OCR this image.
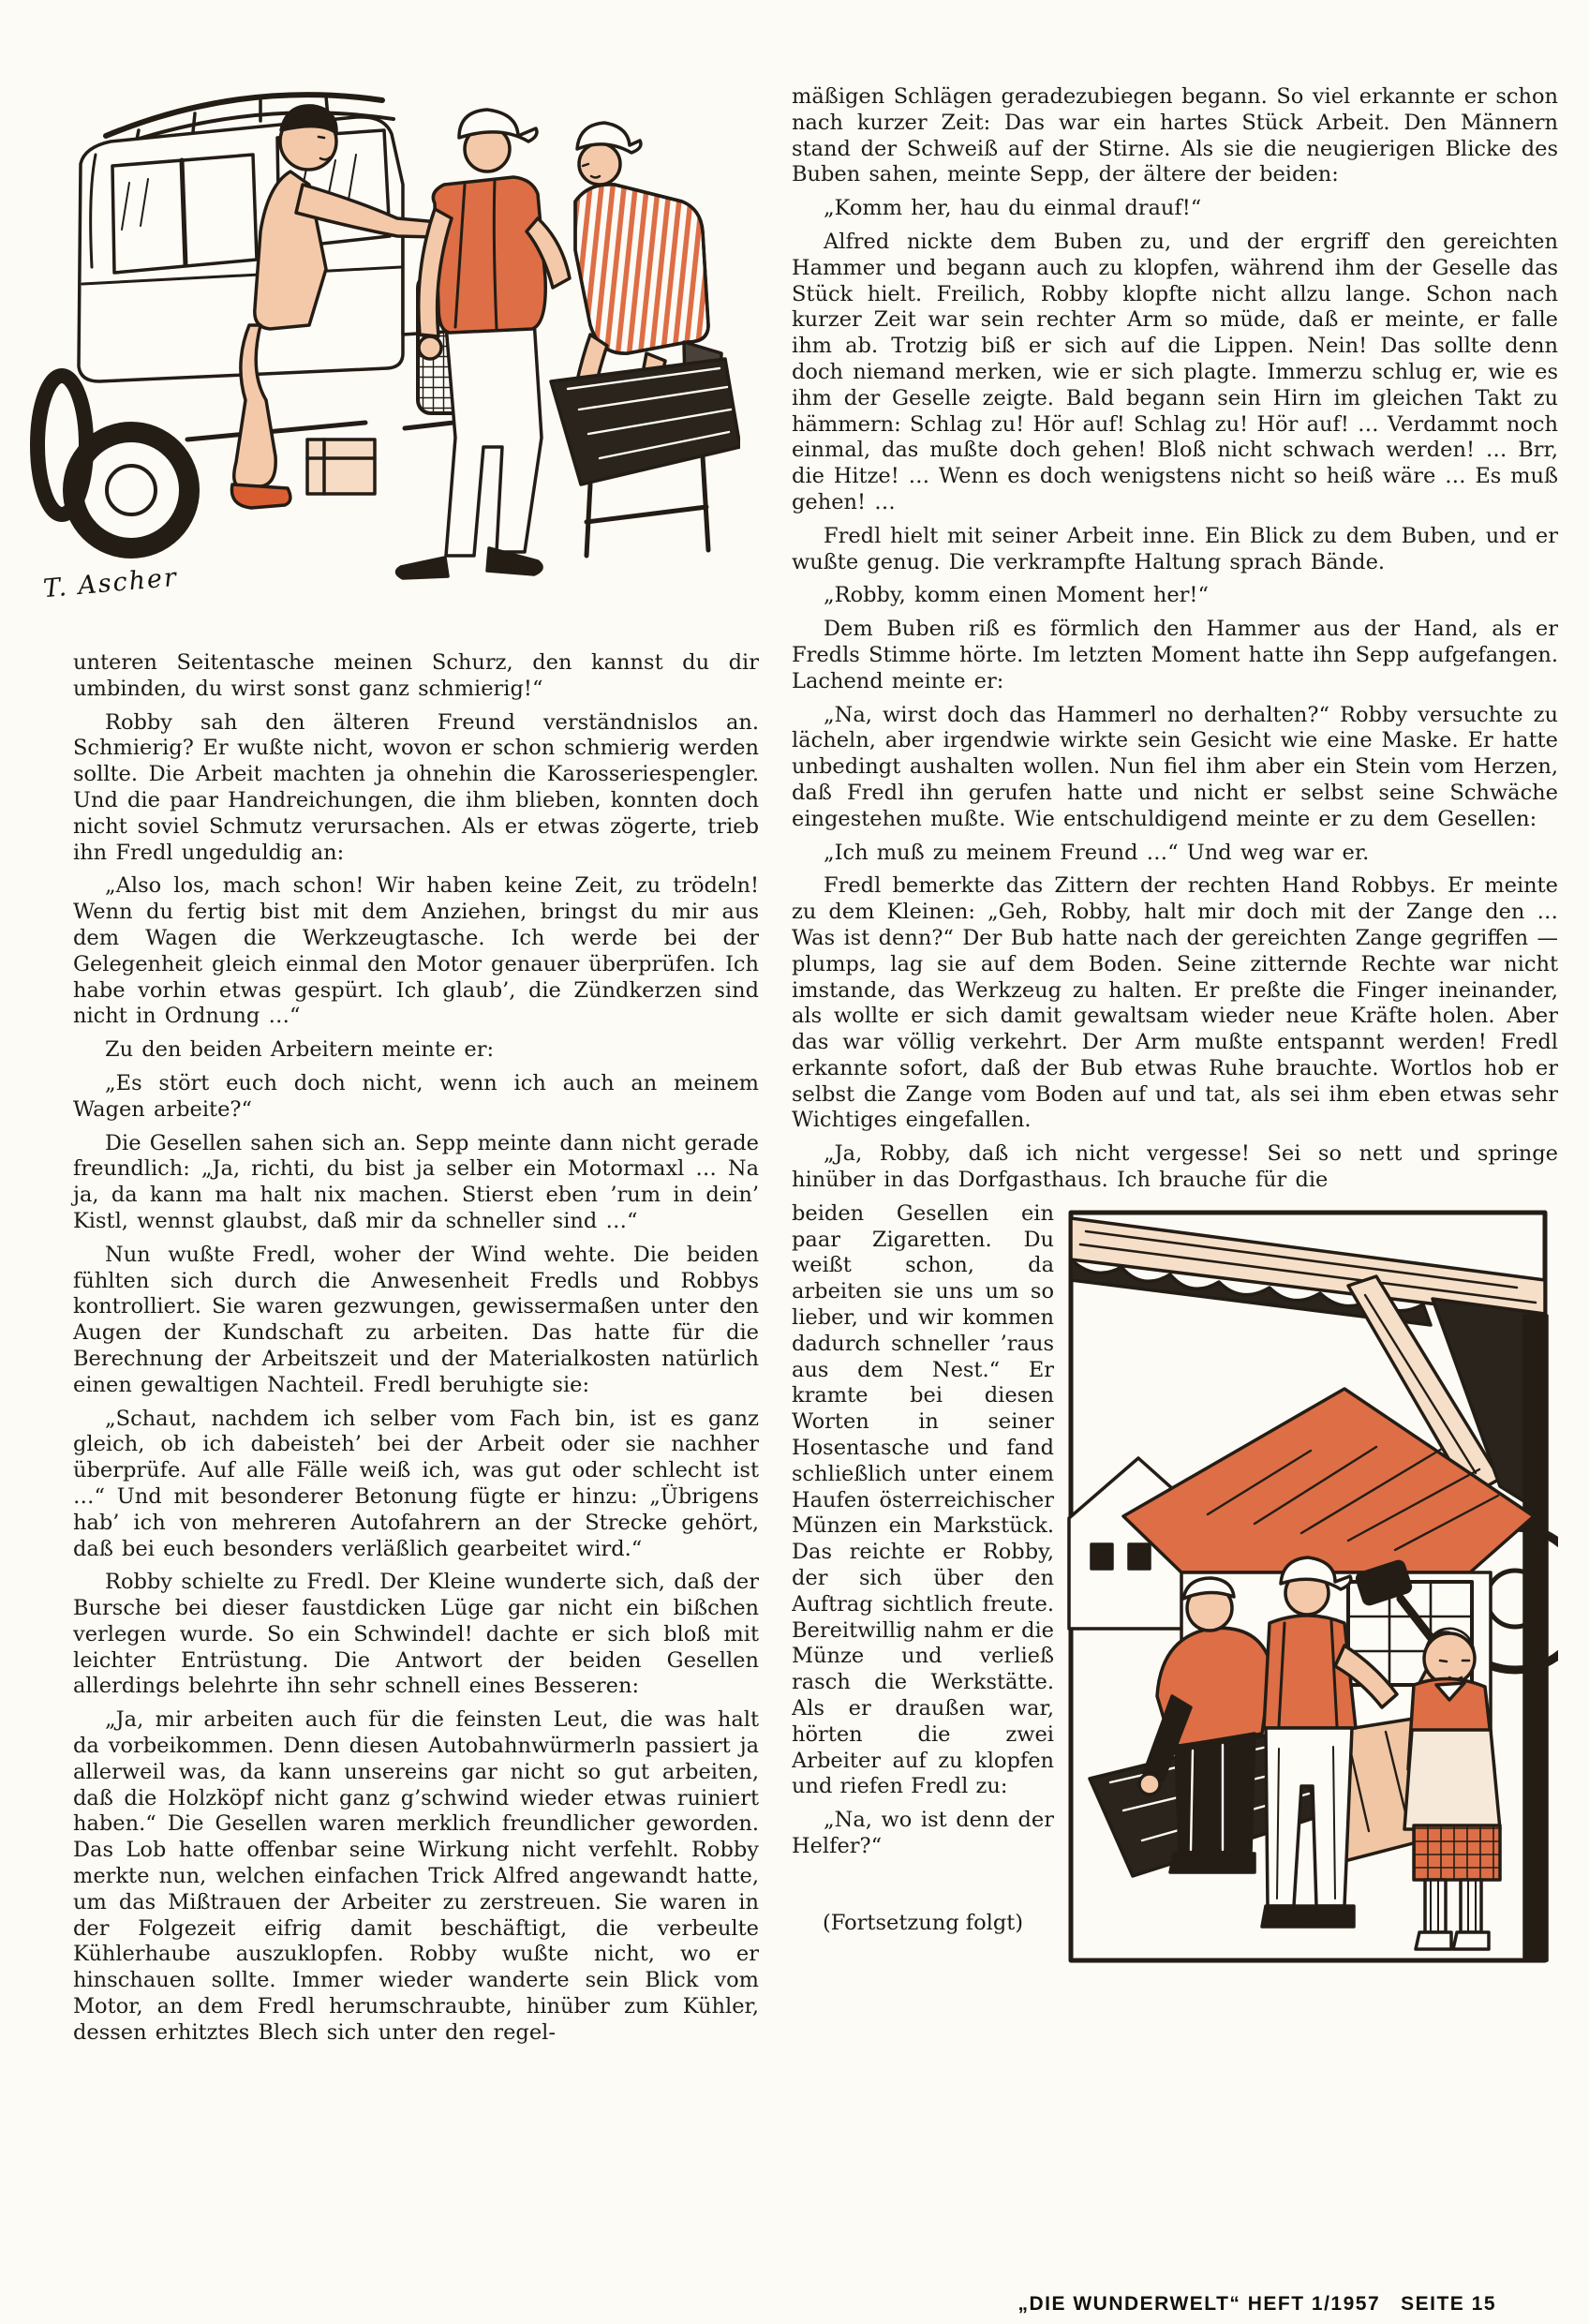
T. Ascher

unteren Seitentasche meinen Schurz, den kannst du dir umbinden, du wirst sonst ganz schmierig!“

Robby sah den älteren Freund verständnislos an. Schmierig? Er wußte nicht, wovon er schon schmierig werden sollte. Die Arbeit machten ja ohnehin die Karosseriespengler. Und die paar Handreichungen, die ihm blieben, konnten doch nicht soviel Schmutz verursachen. Als er etwas zögerte, trieb ihn Fredl ungeduldig an:

„Also los, mach schon! Wir haben keine Zeit, zu trödeln! Wenn du fertig bist mit dem Anziehen, bringst du mir aus dem Wagen die Werkzeugtasche. Ich werde bei der Gelegenheit gleich einmal den Motor genauer überprüfen. Ich habe vorhin etwas gespürt. Ich glaub’, die Zündkerzen sind nicht in Ordnung …“

Zu den beiden Arbeitern meinte er:

„Es stört euch doch nicht, wenn ich auch an meinem Wagen arbeite?“

Die Gesellen sahen sich an. Sepp meinte dann nicht gerade freundlich: „Ja, richti, du bist ja selber ein Motormaxl … Na ja, da kann ma halt nix machen. Stierst eben ’rum in dein’ Kistl, wennst glaubst, daß mir da schneller sind …“

Nun wußte Fredl, woher der Wind wehte. Die beiden fühlten sich durch die Anwesenheit Fredls und Robbys kontrolliert. Sie waren gezwungen, gewissermaßen unter den Augen der Kundschaft zu arbeiten. Das hatte für die Berechnung der Arbeitszeit und der Materialkosten natürlich einen gewaltigen Nachteil. Fredl beruhigte sie:

„Schaut, nachdem ich selber vom Fach bin, ist es ganz gleich, ob ich dabeisteh’ bei der Arbeit oder sie nachher überprüfe. Auf alle Fälle weiß ich, was gut oder schlecht ist …“ Und mit besonderer Betonung fügte er hinzu: „Übrigens hab’ ich von mehreren Autofahrern an der Strecke gehört, daß bei euch besonders verläßlich gearbeitet wird.“

Robby schielte zu Fredl. Der Kleine wunderte sich, daß der Bursche bei dieser faustdicken Lüge gar nicht ein bißchen verlegen wurde. So ein Schwindel! dachte er sich bloß mit leichter Entrüstung. Die Antwort der beiden Gesellen allerdings belehrte ihn sehr schnell eines Besseren:

„Ja, mir arbeiten auch für die feinsten Leut, die was halt da vorbeikommen. Denn diesen Autobahnwürmerln passiert ja allerweil was, da kann unsereins gar nicht so gut arbeiten, daß die Holzköpf nicht ganz g’schwind wieder etwas ruiniert haben.“ Die Gesellen waren merklich freundlicher geworden. Das Lob hatte offenbar seine Wirkung nicht verfehlt. Robby merkte nun, welchen einfachen Trick Alfred angewandt hatte, um das Mißtrauen der Arbeiter zu zerstreuen. Sie waren in der Folgezeit eifrig damit beschäftigt, die verbeulte Kühlerhaube auszuklopfen. Robby wußte nicht, wo er hinschauen sollte. Immer wieder wanderte sein Blick vom Motor, an dem Fredl herumschraubte, hinüber zum Kühler, dessen erhitztes Blech sich unter den regel-

mäßigen Schlägen geradezubiegen begann. So viel erkannte er schon nach kurzer Zeit: Das war ein hartes Stück Arbeit. Den Männern stand der Schweiß auf der Stirne. Als sie die neugierigen Blicke des Buben sahen, meinte Sepp, der ältere der beiden:

„Komm her, hau du einmal drauf!“

Alfred nickte dem Buben zu, und der ergriff den gereichten Hammer und begann auch zu klopfen, während ihm der Geselle das Stück hielt. Freilich, Robby klopfte nicht allzu lange. Schon nach kurzer Zeit war sein rechter Arm so müde, daß er meinte, er falle ihm ab. Trotzig biß er sich auf die Lippen. Nein! Das sollte denn doch niemand merken, wie er sich plagte. Immerzu schlug er, wie es ihm der Geselle zeigte. Bald begann sein Hirn im gleichen Takt zu hämmern: Schlag zu! Hör auf! Schlag zu! Hör auf! … Verdammt noch einmal, das mußte doch gehen! Bloß nicht schwach werden! … Brr, die Hitze! … Wenn es doch wenigstens nicht so heiß wäre … Es muß gehen! …

Fredl hielt mit seiner Arbeit inne. Ein Blick zu dem Buben, und er wußte genug. Die verkrampfte Haltung sprach Bände.

„Robby, komm einen Moment her!“

Dem Buben riß es förmlich den Hammer aus der Hand, als er Fredls Stimme hörte. Im letzten Moment hatte ihn Sepp aufgefangen. Lachend meinte er:

„Na, wirst doch das Hammerl no derhalten?“ Robby versuchte zu lächeln, aber irgendwie wirkte sein Gesicht wie eine Maske. Er hatte unbedingt aushalten wollen. Nun fiel ihm aber ein Stein vom Herzen, daß Fredl ihn gerufen hatte und nicht er selbst seine Schwäche eingestehen mußte. Wie entschuldigend meinte er zu dem Gesellen:

„Ich muß zu meinem Freund …“ Und weg war er.

Fredl bemerkte das Zittern der rechten Hand Robbys. Er meinte zu dem Kleinen: „Geh, Robby, halt mir doch mit der Zange den … Was ist denn?“ Der Bub hatte nach der gereichten Zange gegriffen — plumps, lag sie auf dem Boden. Seine zitternde Rechte war nicht imstande, das Werkzeug zu halten. Er preßte die Finger ineinander, als wollte er sich damit gewaltsam wieder neue Kräfte holen. Aber das war völlig verkehrt. Der Arm mußte entspannt werden! Fredl erkannte sofort, daß der Bub etwas Ruhe brauchte. Wortlos hob er selbst die Zange vom Boden auf und tat, als sei ihm eben etwas sehr Wichtiges eingefallen.

„Ja, Robby, daß ich nicht vergesse! Sei so nett und springe hinüber in das Dorfgasthaus. Ich brauche für die

beiden Gesellen ein paar Zigaretten. Du weißt schon, da arbeiten sie uns um so lieber, und wir kommen dadurch schneller ’raus aus dem Nest.“ Er kramte bei diesen Worten in seiner Hosentasche und fand schließlich unter einem Haufen österreichischer Münzen ein Markstück. Das reichte er Robby, der sich über den Auftrag sichtlich freute. Bereitwillig nahm er die Münze und verließ rasch die Werkstätte. Als er draußen war, hörten die zwei Arbeiter auf zu klopfen und riefen Fredl zu:

„Na, wo ist denn der Helfer?“

(Fortsetzung folgt)
„DIE WUNDERWELT“ HEFT 1/1957   SEITE 15
